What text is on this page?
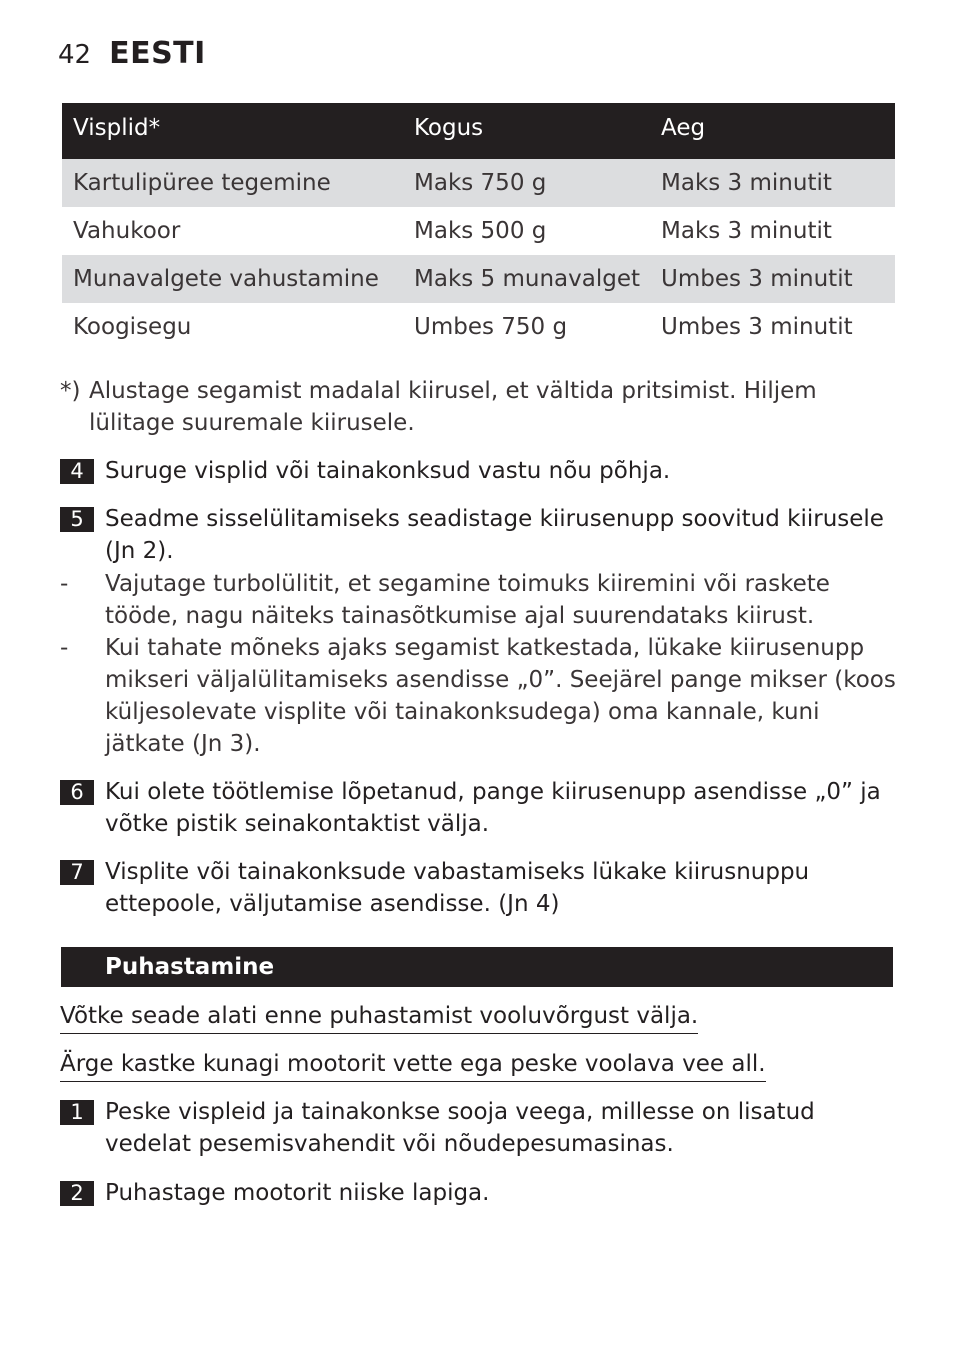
42 EESTI
Visplid*	Kogus	Aeg
Kartulipüree tegemine	Maks 750 g	Maks 3 minutit
Vahukoor	Maks 500 g	Maks 3 minutit
Munavalgete vahustamine	Maks 5 munavalget	Umbes 3 minutit
Koogisegu	Umbes 750 g	Umbes 3 minutit
*) Alustage segamist madalal kiirusel, et vältida pritsimist. Hiljem lülitage suuremale kiirusele.
4 Suruge visplid või tainakonksud vastu nõu põhja.
5 Seadme sisselülitamiseks seadistage kiirusenupp soovitud kiirusele (Jn 2).
- Vajutage turbolülitit, et segamine toimuks kiiremini või raskete tööde, nagu näiteks tainasõtkumise ajal suurendataks kiirust.
- Kui tahate mõneks ajaks segamist katkestada, lükake kiirusenupp mikseri väljalülitamiseks asendisse „0”. Seejärel pange mikser (koos küljesolevate visplite või tainakonksudega) oma kannale, kuni jätkate (Jn 3).
6 Kui olete töötlemise lõpetanud, pange kiirusenupp asendisse „0” ja võtke pistik seinakontaktist välja.
7 Visplite või tainakonksude vabastamiseks lükake kiirusnuppu ettepoole, väljutamise asendisse. (Jn 4)
Puhastamine
Võtke seade alati enne puhastamist vooluvõrgust välja.
Ärge kastke kunagi mootorit vette ega peske voolava vee all.
1 Peske vispleid ja tainakonkse sooja veega, millesse on lisatud vedelat pesemisvahendit või nõudepesumasinas.
2 Puhastage mootorit niiske lapiga.
